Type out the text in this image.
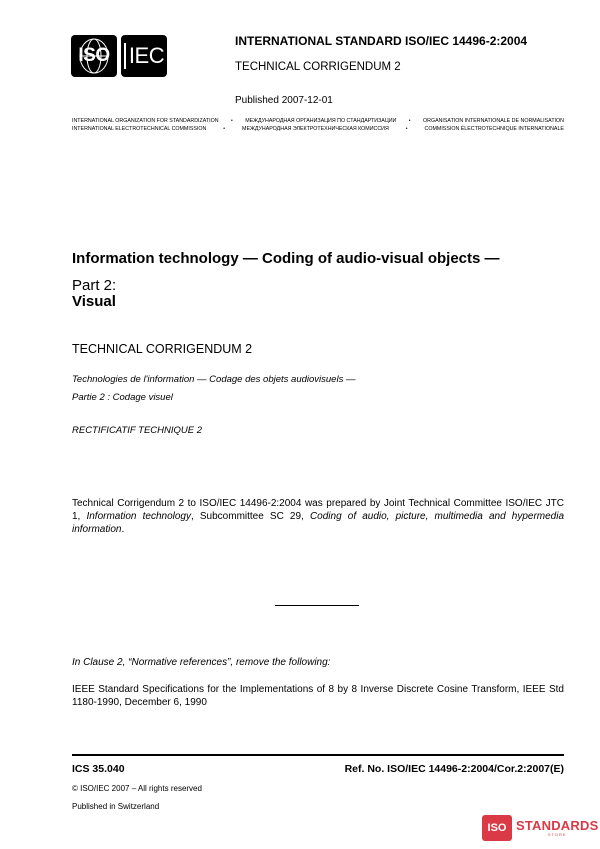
ISO IEC
INTERNATIONAL STANDARD ISO/IEC 14496-2:2004
TECHNICAL CORRIGENDUM 2
Published 2007-12-01
INTERNATIONAL ORGANIZATION FOR STANDARDIZATION • МЕЖДУНАРОДНАЯ ОРГАНИЗАЦИЯ ПО СТАНДАРТИЗАЦИИ • ORGANISATION INTERNATIONALE DE NORMALISATION
INTERNATIONAL ELECTROTECHNICAL COMMISSION	•	МЕЖДУНАРОДНАЯ ЭЛЕКТРОТЕХНИЧЕСКАЯ КОМИССИЯ	•	COMMISSION ÉLECTROTECHNIQUE INTERNATIONALE
Information technology — Coding of audio-visual objects —
Part 2:
Visual
TECHNICAL CORRIGENDUM 2
Technologies de l'information — Codage des objets audiovisuels —
Partie 2 : Codage visuel
RECTIFICATIF TECHNIQUE 2
Technical Corrigendum 2 to ISO/IEC 14496-2:2004 was prepared by Joint Technical Committee ISO/IEC JTC 1, Information technology, Subcommittee SC 29, Coding of audio, picture, multimedia and hypermedia information.
In Clause 2, “Normative references”, remove the following:
IEEE Standard Specifications for the Implementations of 8 by 8 Inverse Discrete Cosine Transform, IEEE Std 1180-1990, December 6, 1990
ICS 35.040	Ref. No. ISO/IEC 14496-2:2004/Cor.2:2007(E)
© ISO/IEC 2007 – All rights reserved
Published in Switzerland
ISO STANDARDS
STORE
